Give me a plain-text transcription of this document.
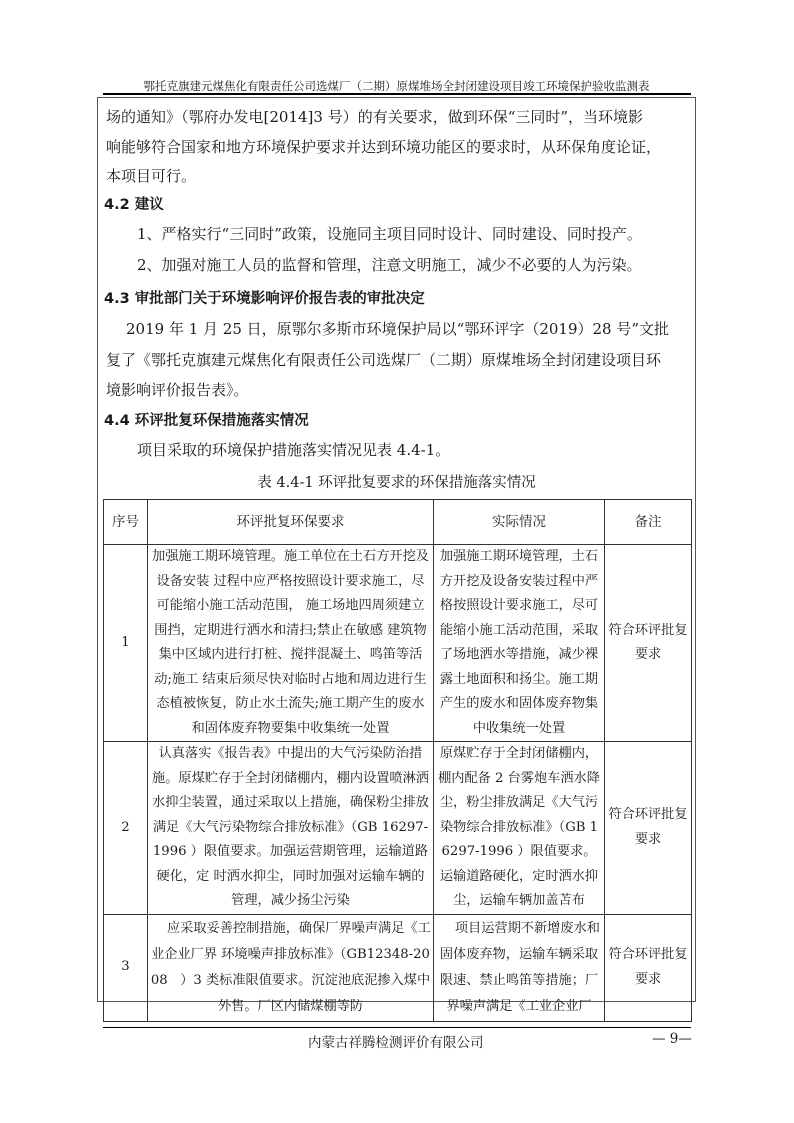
鄂托克旗建元煤焦化有限责任公司选煤厂（二期）原煤堆场全封闭建设项目竣工环境保护验收监测表
场的通知》（鄂府办发电[2014]3 号）的有关要求，做到环保“三同时”，当环境影
响能够符合国家和地方环境保护要求并达到环境功能区的要求时，从环保角度论证，
本项目可行。
4.2 建议
1、严格实行“三同时”政策，设施同主项目同时设计、同时建设、同时投产。
2、加强对施工人员的监督和管理，注意文明施工，减少不必要的人为污染。
4.3 审批部门关于环境影响评价报告表的审批决定
2019 年 1 月 25 日，原鄂尔多斯市环境保护局以“鄂环评字（2019）28 号”文批
复了《鄂托克旗建元煤焦化有限责任公司选煤厂（二期）原煤堆场全封闭建设项目环
境影响评价报告表》。
4.4 环评批复环保措施落实情况
项目采取的环境保护措施落实情况见表 4.4-1。
表 4.4-1 环评批复要求的环保措施落实情况
序号	环评批复环保要求	实际情况	备注
1	加强施工期环境管理。施工单位在土石方开挖及设备安装 过程中应严格按照设计要求施工，尽可能缩小施工活动范围， 施工场地四周须建立围挡，定期进行洒水和清扫;禁止在敏感 建筑物集中区域内进行打桩、搅拌混凝土、鸣笛等活动;施工 结束后须尽快对临时占地和周边进行生态植被恢复，防止水土流失;施工期产生的废水和固体废弃物要集中收集统一处置	加强施工期环境管理，土石方开挖及设备安装过程中严格按照设计要求施工，尽可能缩小施工活动范围，采取了场地洒水等措施，减少裸露土地面积和扬尘。施工期产生的废水和固体废弃物集中收集统一处置	符合环评批复要求
2	认真落实《报告表》中提出的大气污染防治措施。原煤贮存于全封闭储棚内，棚内设置喷淋洒水抑尘装置，通过采取以上措施，确保粉尘排放满足《大气污染物综合排放标准》（GB 16297-1996 ）限值要求。加强运营期管理，运输道路硬化，定 时洒水抑尘，同时加强对运输车辆的管理，减少扬尘污染	原煤贮存于全封闭储棚内，棚内配备 2 台雾炮车洒水降尘，粉尘排放满足《大气污染物综合排放标准》（GB 16297-1996 ）限值要求。运输道路硬化，定时洒水抑尘，运输车辆加盖苫布	符合环评批复要求
3	应采取妥善控制措施，确保厂界噪声满足《工业企业厂界 环境噪声排放标准》（GB12348-2008   ）3 类标准限值要求。沉淀池底泥掺入煤中外售。厂区内储煤棚等防	项目运营期不新增废水和固体废弃物，运输车辆采取限速、禁止鸣笛等措施；厂界噪声满足《工业企业厂	符合环评批复要求
内蒙古祥腾检测评价有限公司	— 9—
